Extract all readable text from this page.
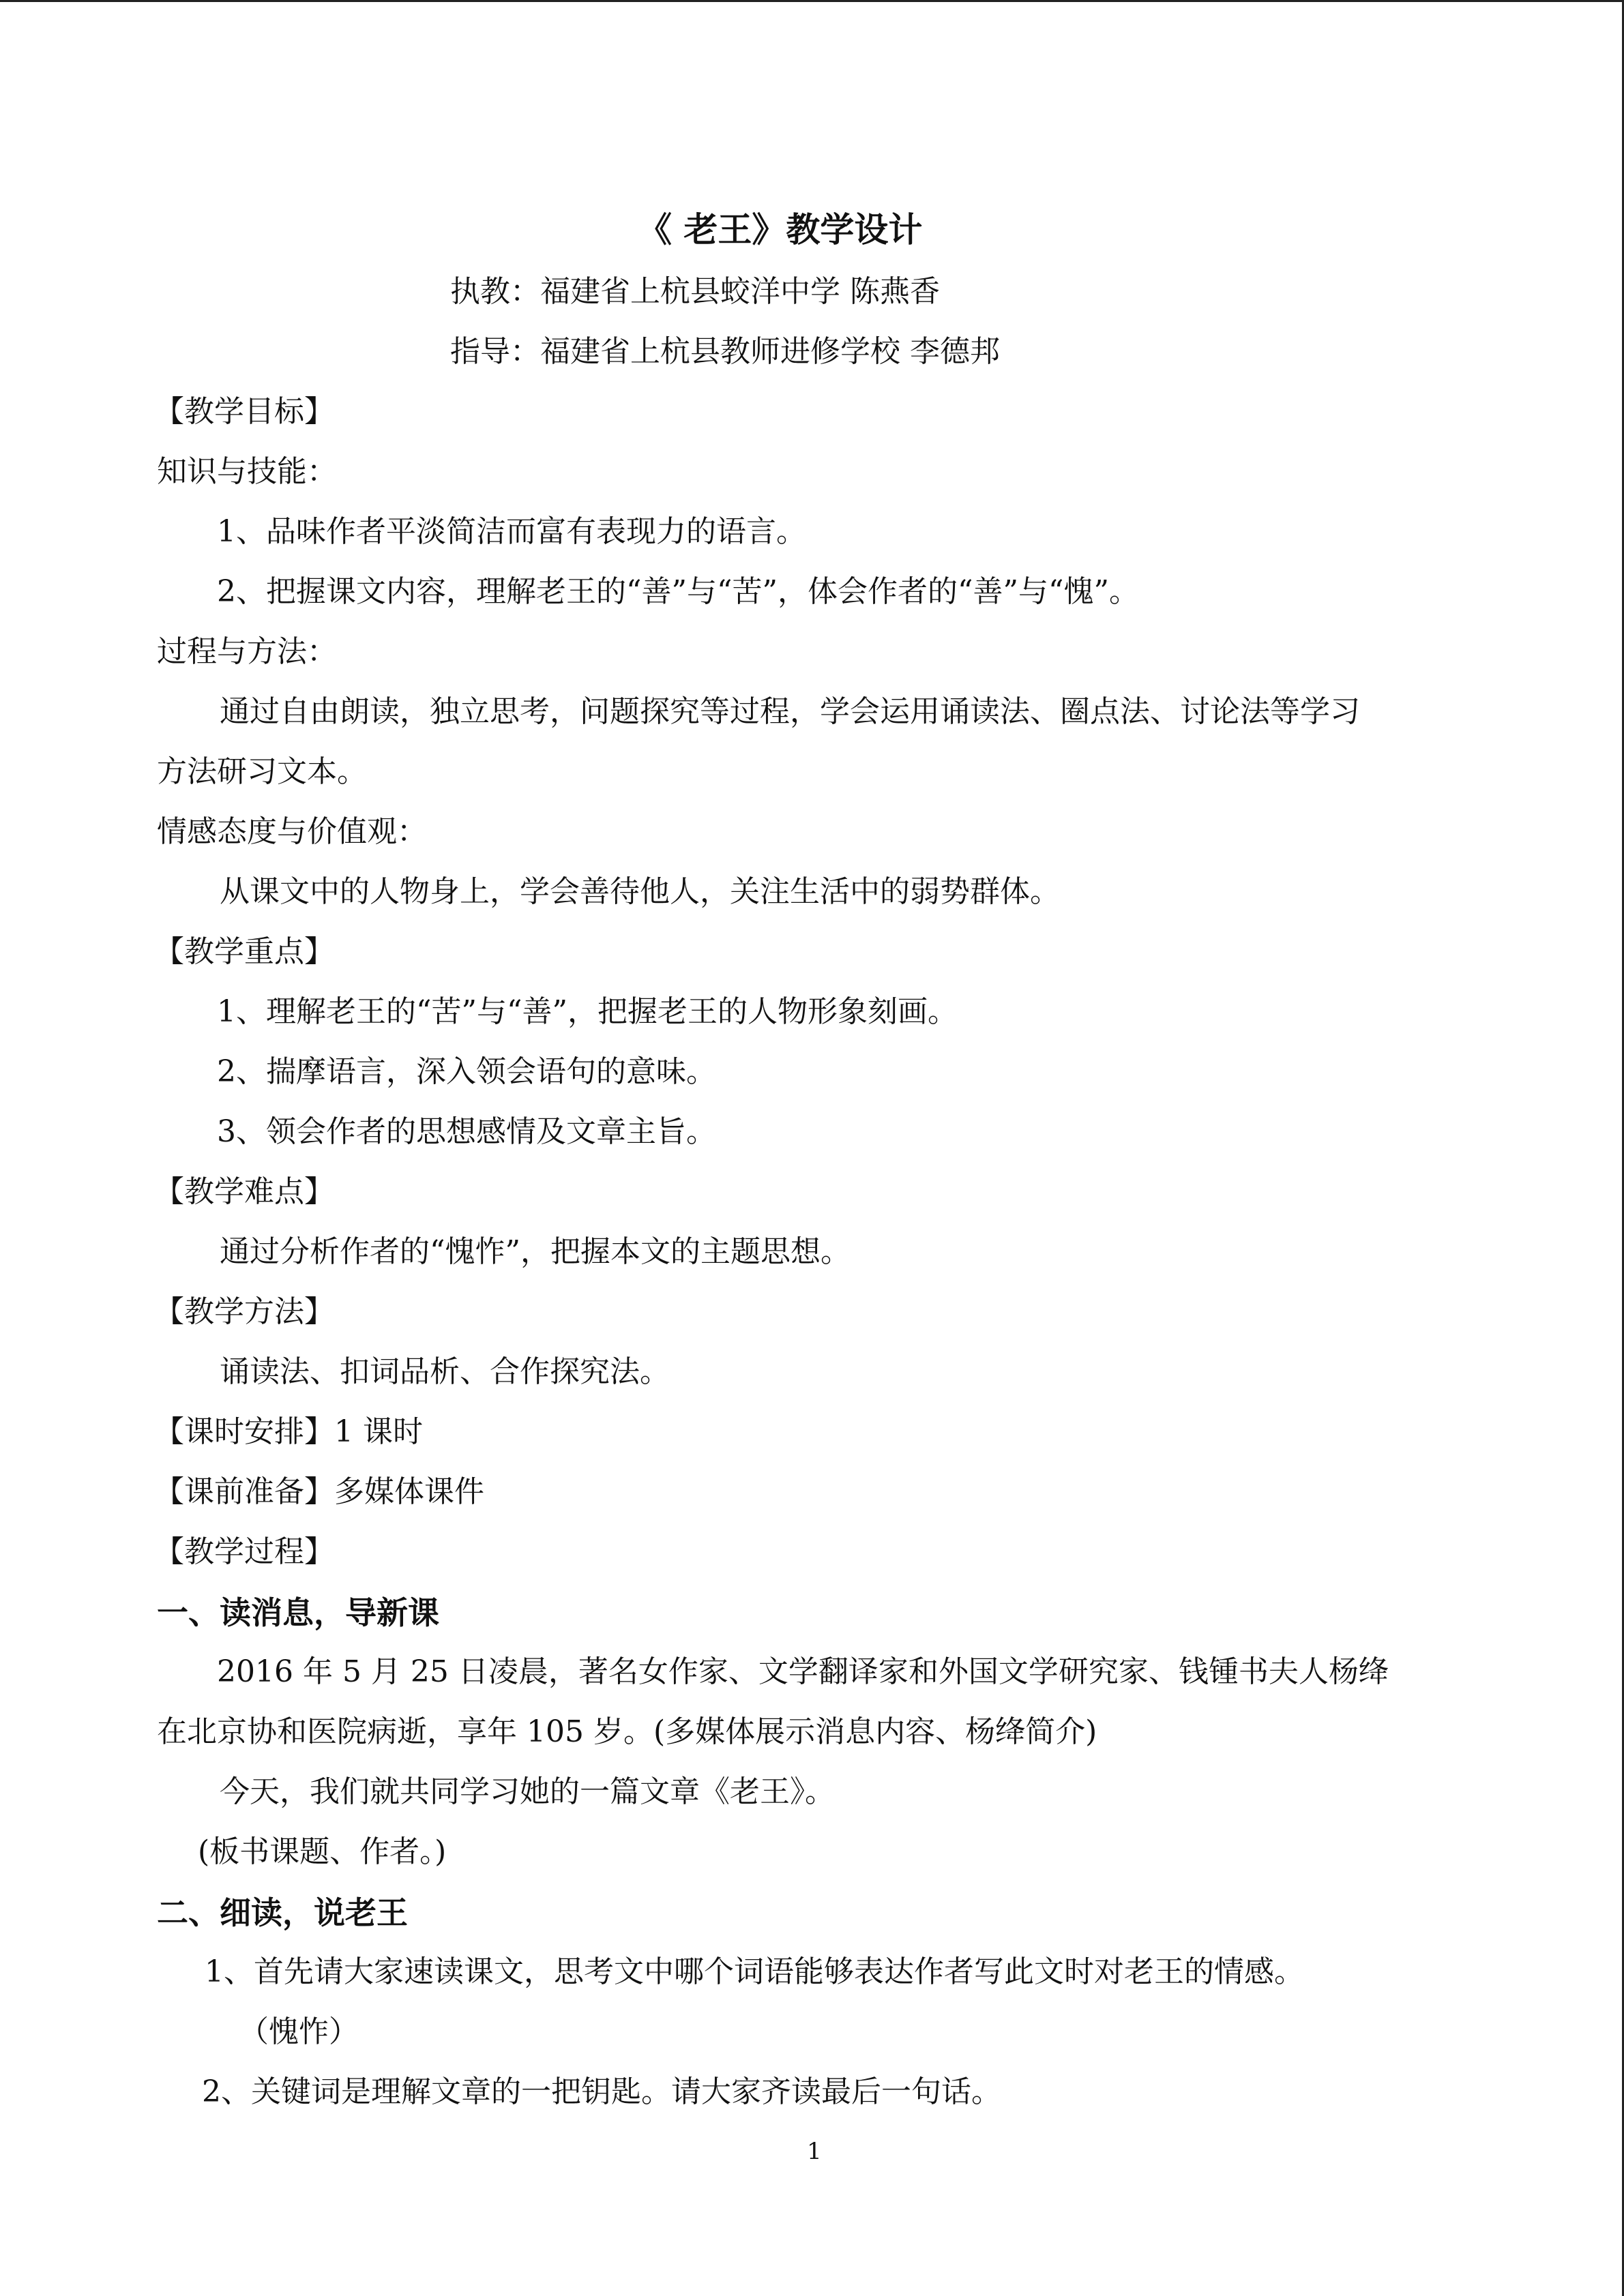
《 老王》教学设计
执教：福建省上杭县蛟洋中学 陈燕香
指导：福建省上杭县教师进修学校 李德邦
【教学目标】
知识与技能：
1、品味作者平淡简洁而富有表现力的语言。
2、把握课文内容，理解老王的“善”与“苦”，体会作者的“善”与“愧”。
过程与方法：
通过自由朗读，独立思考，问题探究等过程，学会运用诵读法、圈点法、讨论法等学习
方法研习文本。
情感态度与价值观：
从课文中的人物身上，学会善待他人，关注生活中的弱势群体。
【教学重点】
1、理解老王的“苦”与“善”，把握老王的人物形象刻画。
2、揣摩语言，深入领会语句的意味。
3、领会作者的思想感情及文章主旨。
【教学难点】
通过分析作者的“愧怍”，把握本文的主题思想。
【教学方法】
诵读法、扣词品析、合作探究法。
【课时安排】1 课时
【课前准备】多媒体课件
【教学过程】
一、读消息，导新课
2016 年 5 月 25 日凌晨，著名女作家、文学翻译家和外国文学研究家、钱锺书夫人杨绛
在北京协和医院病逝，享年 105 岁。(多媒体展示消息内容、杨绛简介)
今天，我们就共同学习她的一篇文章《老王》。
(板书课题、作者。)
二、细读，说老王
1、首先请大家速读课文，思考文中哪个词语能够表达作者写此文时对老王的情感。
（愧怍）
2、关键词是理解文章的一把钥匙。请大家齐读最后一句话。
1
